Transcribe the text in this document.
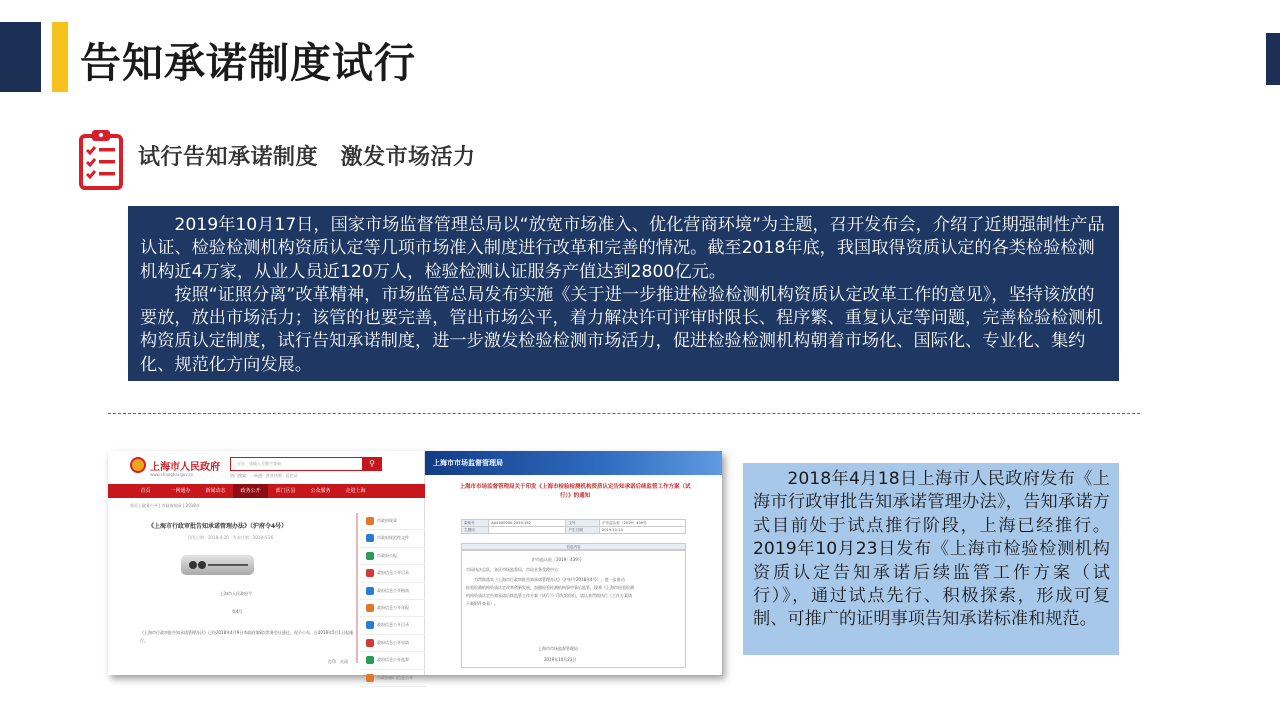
告知承诺制度试行
试行告知承诺制度　激发市场活力

2019年10月17日，国家市场监督管理总局以“放宽市场准入、优化营商环境”为主题，召开发布会，介绍了近期强制性产品认证、检验检测机构资质认定等几项市场准入制度进行改革和完善的情况。截至2018年底，我国取得资质认定的各类检验检测机构近4万家，从业人员近120万人，检验检测认证服务产值达到2800亿元。

按照“证照分离”改革精神，市场监管总局发布实施《关于进一步推进检验检测机构资质认定改革工作的意见》，坚持该放的要放，放出市场活力；该管的也要完善，管出市场公平，着力解决许可评审时限长、程序繁、重复认定等问题，完善检验检测机构资质认定制度，试行告知承诺制度，进一步激发检验检测市场活力，促进检验检测机构朝着市场化、国际化、专业化、集约化、规范化方向发展。

上海市人民政府
www.shanghai.gov.cn
全站　 请输入关键字查询	⚲
热门搜索：一网通 · 营业执照 · 居住证
首页	一网通办	新闻动态	政务公开	部门区县	公众服务	走进上海
首页 | 政务公开 | 市政府规章 | 2018年
《上海市行政审批告知承诺管理办法》（沪府令4号）
印发日期：2018-4-20　发布日期：2018-4-26
上海市人民政府令
第4号
《上海市行政审批告知承诺管理办法》已经2018年4月9日市政府第8次常务会议通过，现予公布，自2018年5月1日起施行。
打印　关闭
市政府规章
市政府规范性文件
市政府公报
政府信息公开目录
政府信息公开指南
政府信息公开年报
政府信息公开目录
政府信息公开申请
政府信息公开监督
市政府部门信息公开
上海市市场监督管理局
上海市市场监督管理局关于印发《上海市检验检测机构资质认定告知承诺后续监管工作方案（试行）》的通知
索取号	AA5000000-2019-162	文号	沪市监认检〔2019〕439号
主题词		产生日期	2019-10-23
信息内容
沪市监认检〔2019〕439号
市局执法总队，各区市场监督局，市局业务受理中心：
为贯彻落实《上海市行政审批告知承诺管理办法》（沪府令2018年4号），进一步推动
检验检测机构资质认定改革创新发展，加强检验检测机构事中事后监管，现将《上海市检验检测
机构资质认定告知承诺后续监管工作方案（试行）》印发给你们，请认真贯彻执行（工作方案请
下载附件查看）。
上海市市场监督管理局
2019年10月23日

2018年4月18日上海市人民政府发布《上海市行政审批告知承诺管理办法》，告知承诺方式目前处于试点推行阶段，上海已经推行。2019年10月23日发布《上海市检验检测机构资质认定告知承诺后续监管工作方案（试行）》，通过试点先行、积极探索，形成可复制、可推广的证明事项告知承诺标准和规范。
